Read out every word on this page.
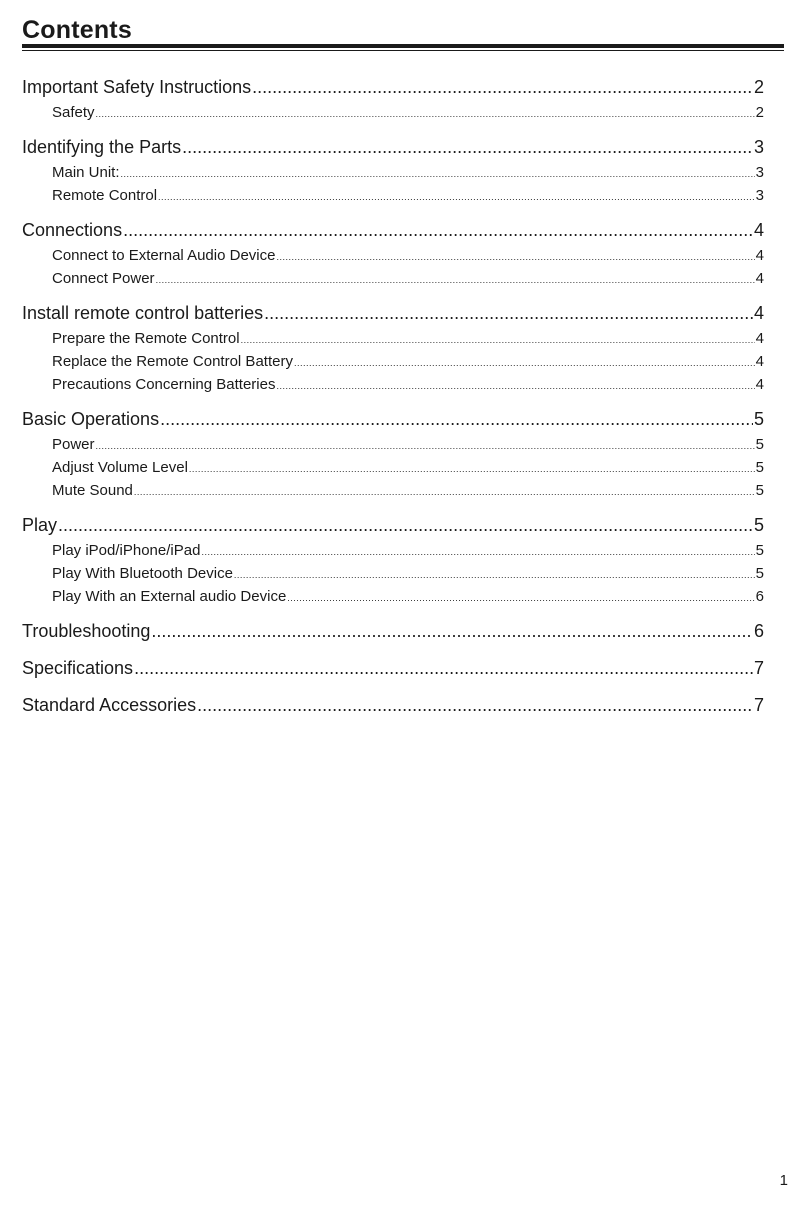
Contents
Important Safety Instructions .....	2
Safety .....	2
Identifying the Parts .....	3
Main Unit: .....	3
Remote Control .....	3
Connections .....	4
Connect to External Audio Device .....	4
Connect Power .....	4
Install remote control batteries .....	4
Prepare the Remote Control .....	4
Replace the Remote Control Battery .....	4
Precautions Concerning Batteries .....	4
Basic Operations .....	5
Power .....	5
Adjust Volume Level .....	5
Mute Sound .....	5
Play .....	5
Play iPod/iPhone/iPad .....	5
Play With Bluetooth Device .....	5
Play With an External audio Device .....	6
Troubleshooting .....	6
Specifications .....	7
Standard Accessories .....	7
1
